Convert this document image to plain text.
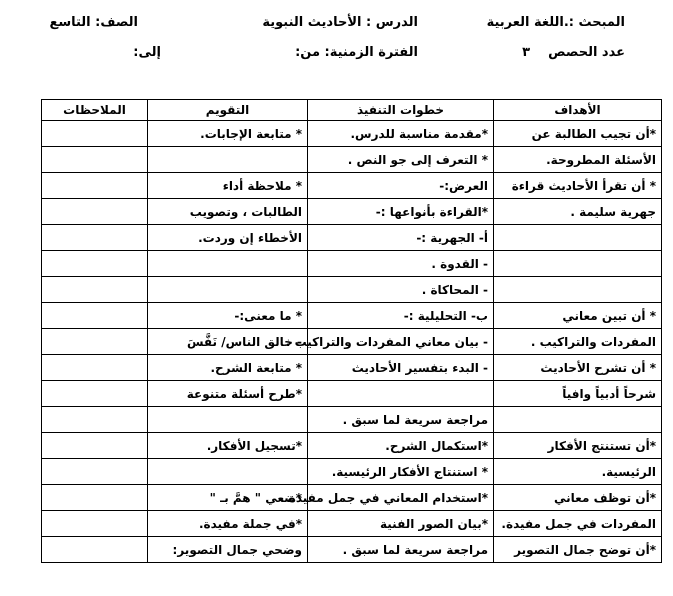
المبحث :.اللغة العربية
الدرس : الأحاديث النبوية
الصف: التاسع
عدد الحصص
٣
الفترة الزمنية: من:
إلى:
الأهداف	خطوات التنفيذ	التقويم	الملاحظات
*أن تجيب الطالبة عن	*مقدمة مناسبة للدرس.	* متابعة الإجابات.	
الأسئلة المطروحة.	* التعرف إلى جو النص .		
* أن تقرأ الأحاديث قراءة	العرض:-	* ملاحظة أداء	
جهرية سليمة .	*القراءة بأنواعها :-	الطالبات ، وتصويب	
	أ- الجهرية :-	الأخطاء إن وردت.	
	- القدوة .		
	- المحاكاة .		
* أن تبين معاني	ب- التحليلية :-	* ما معنى:-	
المفردات والتراكيب .	- بيان معاني المفردات والتراكيب .	- خالق الناس/ نَفَّسَ	
* أن تشرح الأحاديث	- البدء بتفسير الأحاديث	* متابعة الشرح.	
شرحاً أدبياً وافياً		*طرح أسئلة متنوعة	
	مراجعة سريعة لما سبق .		
*أن تستنتج الأفكار	*استكمال الشرح.	*تسجيل الأفكار.	
الرئيسية.	* استنتاج الأفكار الرئيسية.		
*أن توظف معاني	*استخدام المعاني في جمل مفيدة .	*ضعي " همَّ بـ "	
المفردات في جمل مفيدة.	*بيان الصور الفنية	*في جملة مفيدة.	
*أن توضح جمال التصوير	مراجعة سريعة لما سبق .	وضحي جمال التصوير:	
